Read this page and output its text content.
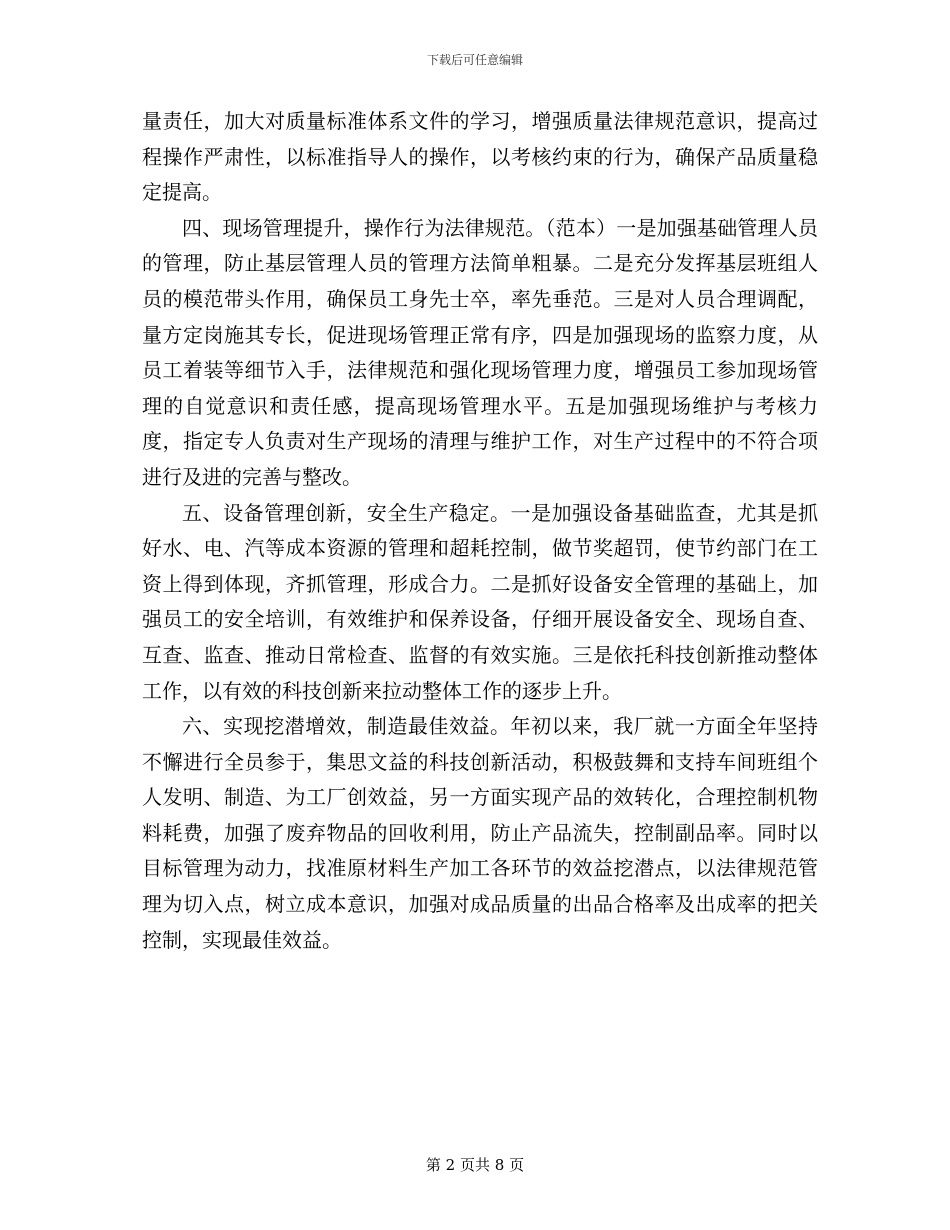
下载后可任意编辑

量责任，加大对质量标准体系文件的学习，增强质量法律规范意识，提高过程操作严肃性，以标准指导人的操作，以考核约束的行为，确保产品质量稳定提高。

四、现场管理提升，操作行为法律规范。（范本）一是加强基础管理人员的管理，防止基层管理人员的管理方法简单粗暴。二是充分发挥基层班组人员的模范带头作用，确保员工身先士卒，率先垂范。三是对人员合理调配，量方定岗施其专长，促进现场管理正常有序，四是加强现场的监察力度，从员工着装等细节入手，法律规范和强化现场管理力度，增强员工参加现场管理的自觉意识和责任感，提高现场管理水平。五是加强现场维护与考核力度，指定专人负责对生产现场的清理与维护工作，对生产过程中的不符合项进行及进的完善与整改。

五、设备管理创新，安全生产稳定。一是加强设备基础监查，尤其是抓好水、电、汽等成本资源的管理和超耗控制，做节奖超罚，使节约部门在工资上得到体现，齐抓管理，形成合力。二是抓好设备安全管理的基础上，加强员工的安全培训，有效维护和保养设备，仔细开展设备安全、现场自查、互查、监查、推动日常检查、监督的有效实施。三是依托科技创新推动整体工作，以有效的科技创新来拉动整体工作的逐步上升。

六、实现挖潜增效，制造最佳效益。年初以来，我厂就一方面全年坚持不懈进行全员参于，集思文益的科技创新活动，积极鼓舞和支持车间班组个人发明、制造、为工厂创效益，另一方面实现产品的效转化，合理控制机物料耗费，加强了废弃物品的回收利用，防止产品流失，控制副品率。同时以目标管理为动力，找准原材料生产加工各环节的效益挖潜点，以法律规范管理为切入点，树立成本意识，加强对成品质量的出品合格率及出成率的把关控制，实现最佳效益。

第 2 页共 8 页
